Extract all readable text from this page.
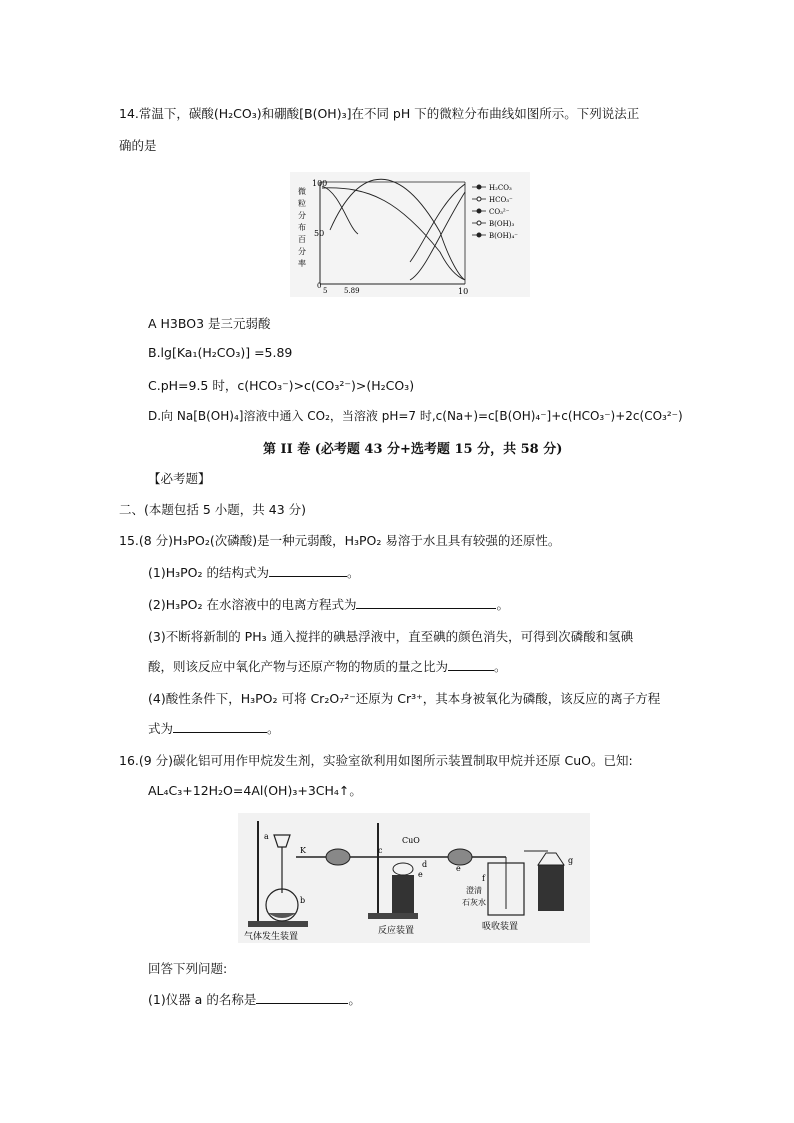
14.常温下，碳酸(H₂CO₃)和硼酸[B(OH)₃]在不同 pH 下的微粒分布曲线如图所示。下列说法正
确的是
微
粒
分
布
百
分
率
100
50
0
5 5.89	10
H₂CO₃
HCO₃⁻
CO₃²⁻
B(OH)₃
B(OH)₄⁻
A H3BO3 是三元弱酸
B.lg[Ka₁(H₂CO₃)] =5.89
C.pH=9.5 时，c(HCO₃⁻)>c(CO₃²⁻)>(H₂CO₃)
D.向 Na[B(OH)₄]溶液中通入 CO₂，当溶液 pH=7 时,c(Na+)=c[B(OH)₄⁻]+c(HCO₃⁻)+2c(CO₃²⁻)
第 II 卷 (必考题 43 分+选考题 15 分，共 58 分)
【必考题】
二、(本题包括 5 小题，共 43 分)
15.(8 分)H₃PO₂(次磷酸)是一种元弱酸，H₃PO₂ 易溶于水且具有较强的还原性。
(1)H₃PO₂ 的结构式为	。
(2)H₃PO₂ 在水溶液中的电离方程式为	。
(3)不断将新制的 PH₃ 通入搅拌的碘悬浮液中，直至碘的颜色消失，可得到次磷酸和氢碘
酸，则该反应中氧化产物与还原产物的物质的量之比为	。
(4)酸性条件下，H₃PO₂ 可将 Cr₂O₇²⁻还原为 Cr³⁺，其本身被氧化为磷酸，该反应的离子方程
式为	。
16.(9 分)碳化铝可用作甲烷发生剂，实验室欲利用如图所示装置制取甲烷并还原 CuO。已知:
AL₄C₃+12H₂O=4Al(OH)₃+3CH₄↑。
a
b
K	c
CuO
d
e
e
f
g
澄清
石灰水
气体发生装置
反应装置	吸收装置
回答下列问题:
(1)仪器 a 的名称是	。
